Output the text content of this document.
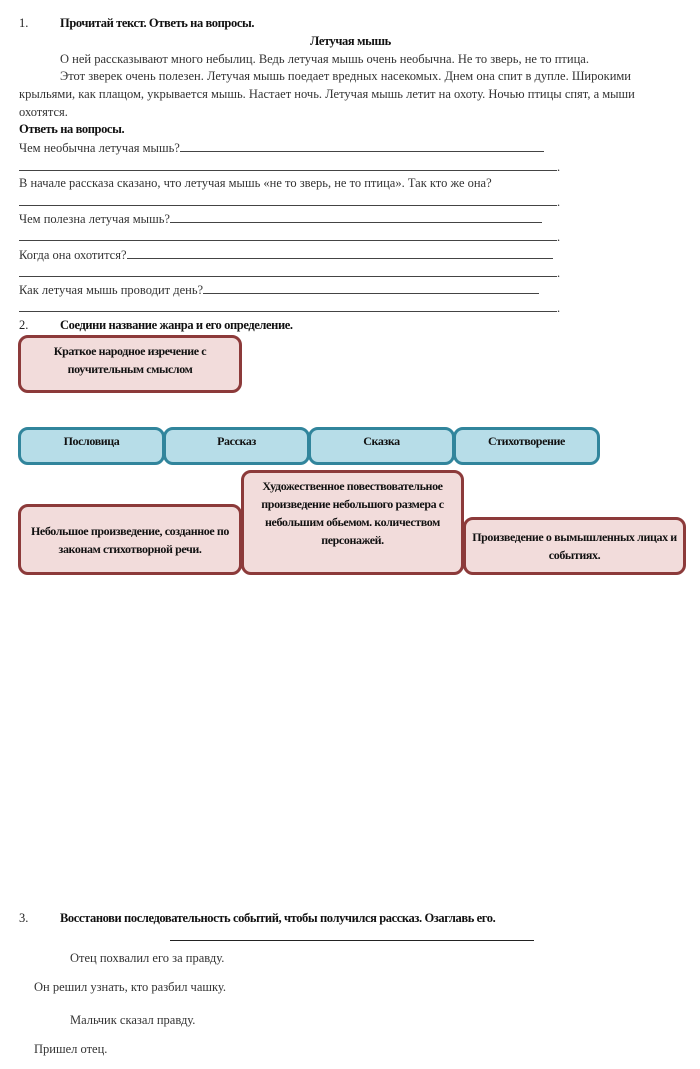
1.	Прочитай текст. Ответь на вопросы.
Летучая мышь
О ней рассказывают много небылиц. Ведь летучая мышь очень необычна. Не то зверь, не то птица.
Этот зверек очень полезен. Летучая мышь поедает вредных насекомых. Днем она спит в дупле. Широкими
крыльями, как плащом, укрывается мышь. Настает ночь. Летучая мышь летит на охоту. Ночью птицы спят, а мыши
охотятся.
Ответь на вопросы.
Чем необычна летучая мышь?
.
В начале рассказа сказано, что летучая мышь «не то зверь, не то птица». Так кто же она?
.
Чем полезна летучая мышь?
.
Когда она охотится?
.
Как летучая мышь проводит день?
.
2.	Соедини название жанра и его определение.
Краткое народное изречение с поучительным смыслом
Пословица	Рассказ	Сказка	Стихотворение
Небольшое произведение, созданное по законам стихотворной речи.
Художественное повествовательное произведение небольшого размера с небольшим обьемом. количеством персонажей.	Произведение о вымышленных лицах и событиях.
3.	Восстанови последовательность событий, чтобы получился рассказ. Озаглавь его.
Отец похвалил его за правду.
Он решил узнать, кто разбил чашку.
Мальчик сказал правду.
Пришел отец.
